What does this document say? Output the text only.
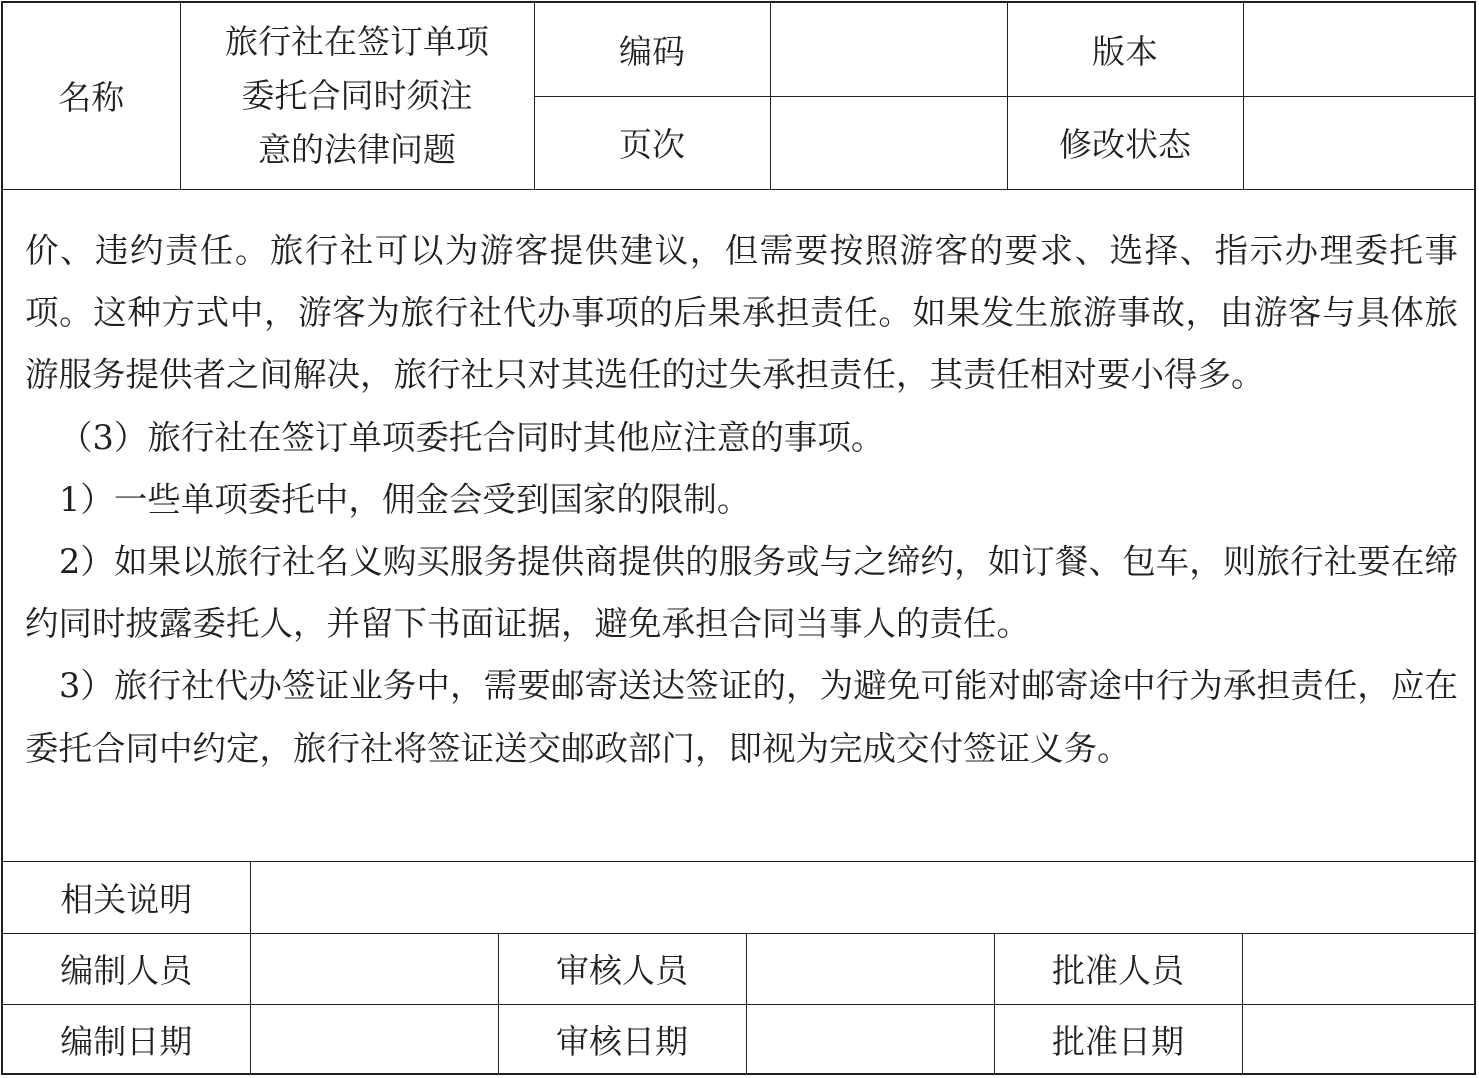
名称	旅行社在签订单项
委托合同时须注
意的法律问题	编码		版本	
		页次		修改状态	

价、违约责任。旅行社可以为游客提供建议，但需要按照游客的要求、选择、指示办理委托事项。这种方式中，游客为旅行社代办事项的后果承担责任。如果发生旅游事故，由游客与具体旅游服务提供者之间解决，旅行社只对其选任的过失承担责任，其责任相对要小得多。

（3）旅行社在签订单项委托合同时其他应注意的事项。

1）一些单项委托中，佣金会受到国家的限制。

2）如果以旅行社名义购买服务提供商提供的服务或与之缔约，如订餐、包车，则旅行社要在缔约同时披露委托人，并留下书面证据，避免承担合同当事人的责任。

3）旅行社代办签证业务中，需要邮寄送达签证的，为避免可能对邮寄途中行为承担责任，应在委托合同中约定，旅行社将签证送交邮政部门，即视为完成交付签证义务。

相关说明					
编制人员		审核人员		批准人员	
编制日期		审核日期		批准日期	
